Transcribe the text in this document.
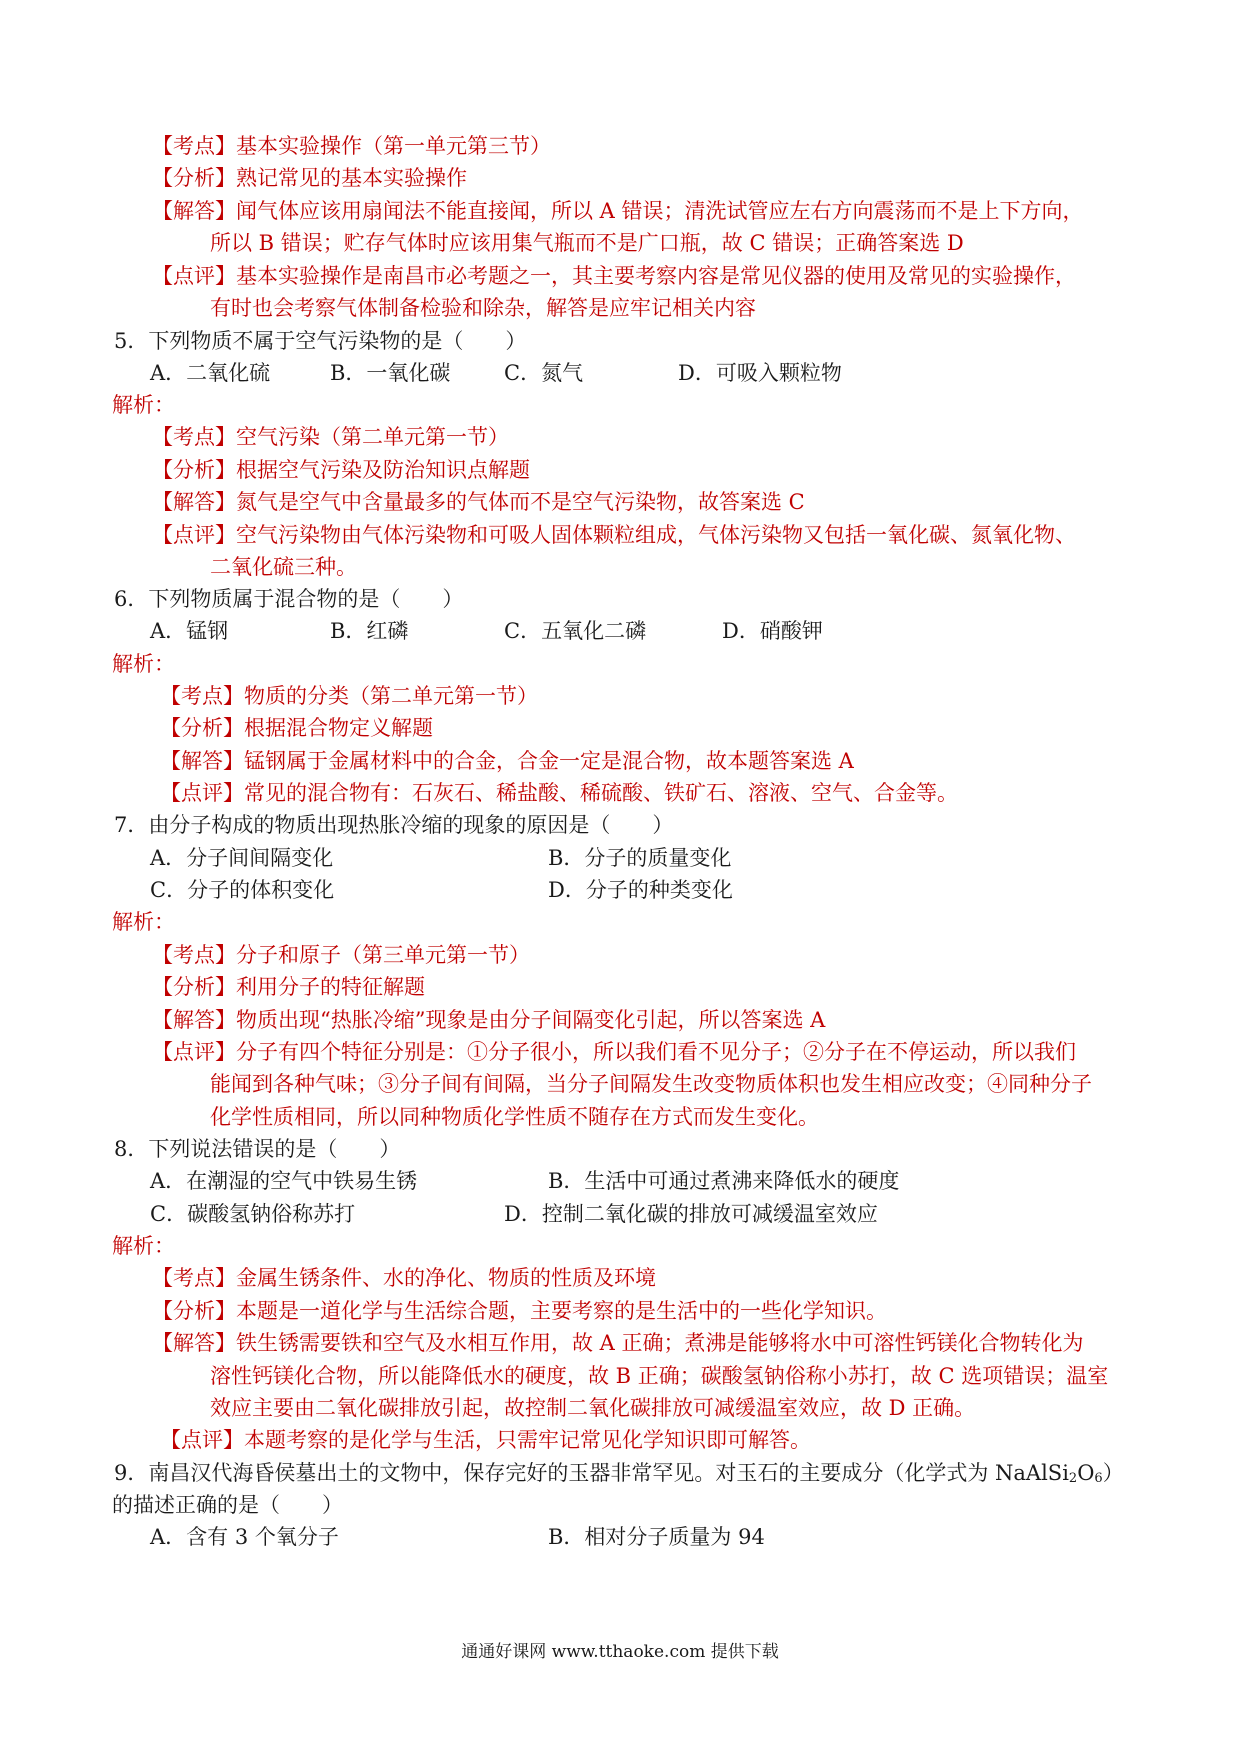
【考点】基本实验操作（第一单元第三节）
【分析】熟记常见的基本实验操作
【解答】闻气体应该用扇闻法不能直接闻，所以 A 错误；清洗试管应左右方向震荡而不是上下方向，
所以 B 错误；贮存气体时应该用集气瓶而不是广口瓶，故 C 错误；正确答案选 D
【点评】基本实验操作是南昌市必考题之一，其主要考察内容是常见仪器的使用及常见的实验操作，
有时也会考察气体制备检验和除杂，解答是应牢记相关内容
5．下列物质不属于空气污染物的是（　　）
A．二氧化硫	B．一氧化碳	C．氮气	D．可吸入颗粒物
解析：
【考点】空气污染（第二单元第一节）
【分析】根据空气污染及防治知识点解题
【解答】氮气是空气中含量最多的气体而不是空气污染物，故答案选 C
【点评】空气污染物由气体污染物和可吸人固体颗粒组成，气体污染物又包括一氧化碳、氮氧化物、
二氧化硫三种。
6．下列物质属于混合物的是（　　）
A．锰钢	B．红磷	C．五氧化二磷	D．硝酸钾
解析：
【考点】物质的分类（第二单元第一节）
【分析】根据混合物定义解题
【解答】锰钢属于金属材料中的合金，合金一定是混合物，故本题答案选 A
【点评】常见的混合物有：石灰石、稀盐酸、稀硫酸、铁矿石、溶液、空气、合金等。
7．由分子构成的物质出现热胀冷缩的现象的原因是（　　）
A．分子间间隔变化	B．分子的质量变化
C．分子的体积变化	D．分子的种类变化
解析：
【考点】分子和原子（第三单元第一节）
【分析】利用分子的特征解题
【解答】物质出现“热胀冷缩”现象是由分子间隔变化引起，所以答案选 A
【点评】分子有四个特征分别是：①分子很小，所以我们看不见分子；②分子在不停运动，所以我们
能闻到各种气味；③分子间有间隔，当分子间隔发生改变物质体积也发生相应改变；④同种分子
化学性质相同，所以同种物质化学性质不随存在方式而发生变化。
8．下列说法错误的是（　　）
A．在潮湿的空气中铁易生锈	B．生活中可通过煮沸来降低水的硬度
C．碳酸氢钠俗称苏打	D．控制二氧化碳的排放可减缓温室效应
解析：
【考点】金属生锈条件、水的净化、物质的性质及环境
【分析】本题是一道化学与生活综合题，主要考察的是生活中的一些化学知识。
【解答】铁生锈需要铁和空气及水相互作用，故 A 正确；煮沸是能够将水中可溶性钙镁化合物转化为
溶性钙镁化合物，所以能降低水的硬度，故 B 正确；碳酸氢钠俗称小苏打，故 C 选项错误；温室
效应主要由二氧化碳排放引起，故控制二氧化碳排放可减缓温室效应，故 D 正确。
【点评】本题考察的是化学与生活，只需牢记常见化学知识即可解答。
9．南昌汉代海昏侯墓出土的文物中，保存完好的玉器非常罕见。对玉石的主要成分（化学式为 NaAlSi2O6）
的描述正确的是（　　）
A．含有 3 个氧分子	B．相对分子质量为 94
通通好课网 www.tthaoke.com 提供下载
